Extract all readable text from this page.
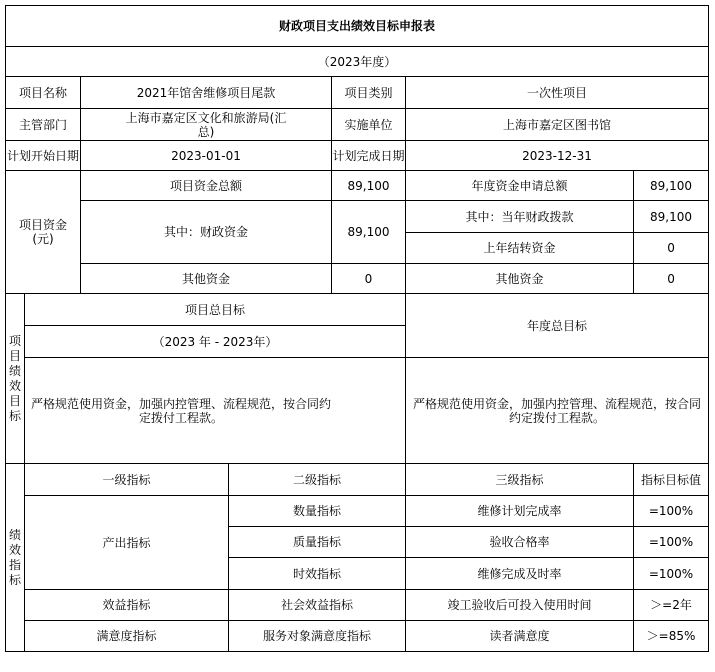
财政项目支出绩效目标申报表						
（2023年度）						
项目名称		2021年馆舍维修项目尾款		项目类别	一次性项目	
主管部门		上海市嘉定区文化和旅游局(汇总)		实施单位	上海市嘉定区图书馆	
计划开始日期		2023-01-01		计划完成日期	2023-12-31	
项目资金(元)		项目资金总额		89,100	年度资金申请总额	89,100
		其中：财政资金		89,100	其中：当年财政拨款	89,100
					上年结转资金	0
		其他资金		0	其他资金	0
项目绩效目标	项目总目标				年度总目标	
	（2023 年 - 2023年）					
	严格规范使用资金，加强内控管理、流程规范，按合同约定拨付工程款。				严格规范使用资金，加强内控管理、流程规范，按合同约定拨付工程款。	
绩效指标	一级指标		二级指标		三级指标	指标目标值
	产出指标		数量指标		维修计划完成率	=100%
			质量指标		验收合格率	=100%
			时效指标		维修完成及时率	=100%
	效益指标		社会效益指标		竣工验收后可投入使用时间	＞=2年
	满意度指标		服务对象满意度指标		读者满意度	＞=85%
